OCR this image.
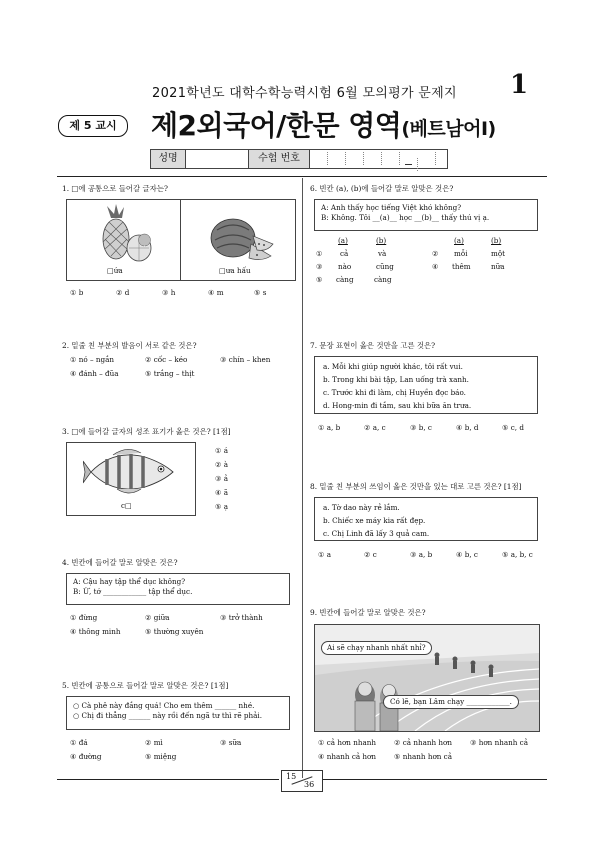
2021학년도 대학수학능력시험 6월 모의평가 문제지 1
제 5 교시	제2외국어/한문 영역(베트남어Ⅰ)
성명	수험 번호
1. □에 공통으로 들어갈 글자는?
□ứa	□ưa hấu
① b	② d	③ h	④ m	⑤ s
2. 밑줄 친 부분의 발음이 서로 같은 것은?
① nó – ngắn	② cốc – kéo	③ chín – khen
④ đánh – đũa	⑤ trắng – thịt
3. □에 들어갈 글자의 성조 표기가 옳은 것은? [1점]
c□
① á
② à
③ ả
④ ã
⑤ ạ
4. 빈칸에 들어갈 말로 알맞은 것은?
A: Cậu hay tập thể dục không?
B: Ừ, tớ ____________ tập thể dục.
① đừng	② giữa	③ trở thành
④ thông minh	⑤ thường xuyên
5. 빈칸에 공통으로 들어갈 말로 알맞은 것은? [1점]
○ Cà phê này đắng quá! Cho em thêm ______ nhé.
○ Chị đi thẳng ______ này rồi đến ngã tư thì rẽ phải.
① đá	② mì	③ sữa
④ đường	⑤ miệng
6. 빈칸 (a), (b)에 들어갈 말로 알맞은 것은?
A: Anh thấy học tiếng Việt khó không?
B: Không. Tôi __(a)__ học __(b)__ thấy thú vị ạ.
(a)	(b)	(a)	(b)
① cả	và	② mỗi	một
③ nào	cũng	④ thêm	nữa
⑤ càng	càng
7. 문장 표현이 옳은 것만을 고른 것은?
a. Mỗi khi giúp người khác, tôi rất vui.
b. Trong khi bài tập, Lan uống trà xanh.
c. Trước khi đi làm, chị Huyền đọc báo.
d. Hong-min đi tắm, sau khi bữa ăn trưa.
① a, b	② a, c	③ b, c	④ b, d	⑤ c, d
8. 밑줄 친 부분의 쓰임이 옳은 것만을 있는 대로 고른 것은? [1점]
a. Tờ dao này rẻ lắm.
b. Chiếc xe máy kia rất đẹp.
c. Chị Linh đã lấy 3 quả cam.
① a	② c	③ a, b	④ b, c	⑤ a, b, c
9. 빈칸에 들어갈 말로 알맞은 것은?
Ai sẽ chạy nhanh nhất nhỉ?
Có lẽ, bạn Lâm chạy ____________.
① cả hơn nhanh	② cả nhanh hơn	③ hơn nhanh cả
④ nhanh cả hơn	⑤ nhanh hơn cả
15
36
